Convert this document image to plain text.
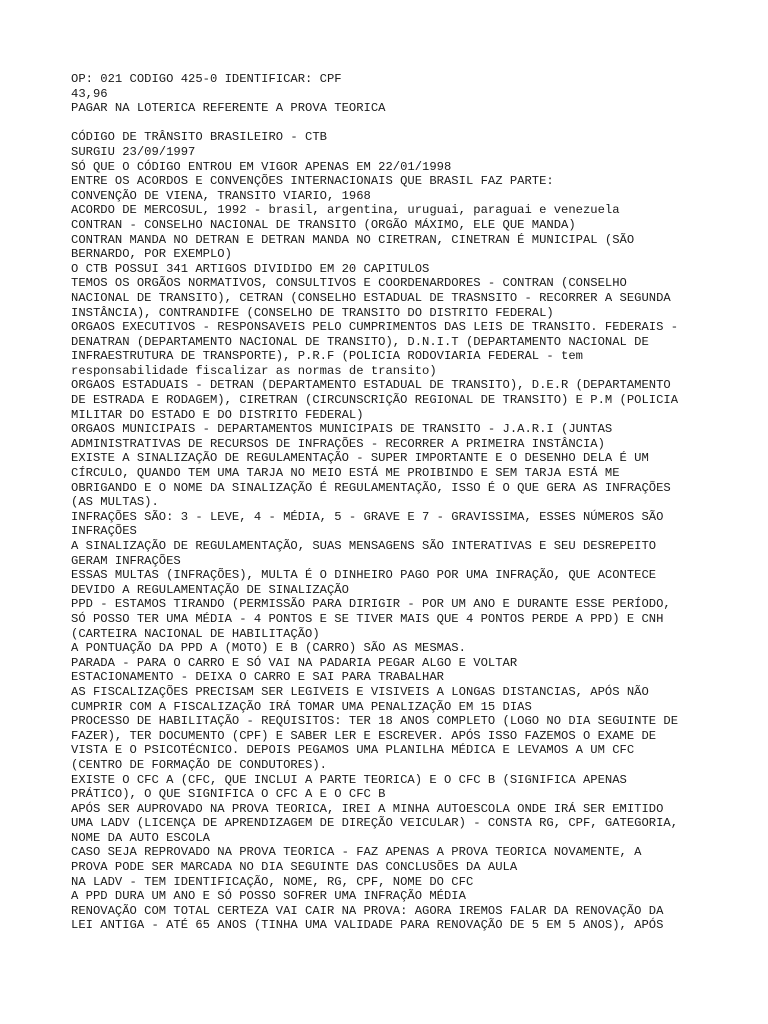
OP: 021 CODIGO 425-0 IDENTIFICAR: CPF
43,96
PAGAR NA LOTERICA REFERENTE A PROVA TEORICA
CÓDIGO DE TRÂNSITO BRASILEIRO - CTB
SURGIU 23/09/1997
SÓ QUE O CÓDIGO ENTROU EM VIGOR APENAS EM 22/01/1998
ENTRE OS ACORDOS E CONVENÇÕES INTERNACIONAIS QUE BRASIL FAZ PARTE:
CONVENÇÃO DE VIENA, TRANSITO VIARIO, 1968
ACORDO DE MERCOSUL, 1992 - brasil, argentina, uruguai, paraguai e venezuela
CONTRAN - CONSELHO NACIONAL DE TRANSITO (ORGÃO MÁXIMO, ELE QUE MANDA)
CONTRAN MANDA NO DETRAN E DETRAN MANDA NO CIRETRAN, CINETRAN É MUNICIPAL (SÃO
BERNARDO, POR EXEMPLO)
O CTB POSSUI 341 ARTIGOS DIVIDIDO EM 20 CAPITULOS
TEMOS OS ORGÃOS NORMATIVOS, CONSULTIVOS E COORDENARDORES - CONTRAN (CONSELHO
NACIONAL DE TRANSITO), CETRAN (CONSELHO ESTADUAL DE TRASNSITO - RECORRER A SEGUNDA
INSTÂNCIA), CONTRANDIFE (CONSELHO DE TRANSITO DO DISTRITO FEDERAL)
ORGAOS EXECUTIVOS - RESPONSAVEIS PELO CUMPRIMENTOS DAS LEIS DE TRANSITO. FEDERAIS -
DENATRAN (DEPARTAMENTO NACIONAL DE TRANSITO), D.N.I.T (DEPARTAMENTO NACIONAL DE
INFRAESTRUTURA DE TRANSPORTE), P.R.F (POLICIA RODOVIARIA FEDERAL - tem
responsabilidade fiscalizar as normas de transito)
ORGAOS ESTADUAIS - DETRAN (DEPARTAMENTO ESTADUAL DE TRANSITO), D.E.R (DEPARTAMENTO
DE ESTRADA E RODAGEM), CIRETRAN (CIRCUNSCRIÇÃO REGIONAL DE TRANSITO) E P.M (POLICIA
MILITAR DO ESTADO E DO DISTRITO FEDERAL)
ORGAOS MUNICIPAIS - DEPARTAMENTOS MUNICIPAIS DE TRANSITO - J.A.R.I (JUNTAS
ADMINISTRATIVAS DE RECURSOS DE INFRAÇÕES - RECORRER A PRIMEIRA INSTÂNCIA)
EXISTE A SINALIZAÇÃO DE REGULAMENTAÇÃO - SUPER IMPORTANTE E O DESENHO DELA É UM
CÍRCULO, QUANDO TEM UMA TARJA NO MEIO ESTÁ ME PROIBINDO E SEM TARJA ESTÁ ME
OBRIGANDO E O NOME DA SINALIZAÇÃO É REGULAMENTAÇÃO, ISSO É O QUE GERA AS INFRAÇÕES
(AS MULTAS).
INFRAÇÕES SÃO: 3 - LEVE, 4 - MÉDIA, 5 - GRAVE E 7 - GRAVISSIMA, ESSES NÚMEROS SÃO
INFRAÇÕES
A SINALIZAÇÃO DE REGULAMENTAÇÃO, SUAS MENSAGENS SÃO INTERATIVAS E SEU DESREPEITO
GERAM INFRAÇÕES
ESSAS MULTAS (INFRAÇÕES), MULTA É O DINHEIRO PAGO POR UMA INFRAÇÃO, QUE ACONTECE
DEVIDO A REGULAMENTAÇÃO DE SINALIZAÇÃO
PPD - ESTAMOS TIRANDO (PERMISSÃO PARA DIRIGIR - POR UM ANO E DURANTE ESSE PERÍODO,
SÓ POSSO TER UMA MÉDIA - 4 PONTOS E SE TIVER MAIS QUE 4 PONTOS PERDE A PPD) E CNH
(CARTEIRA NACIONAL DE HABILITAÇÃO)
A PONTUAÇÃO DA PPD A (MOTO) E B (CARRO) SÃO AS MESMAS.
PARADA - PARA O CARRO E SÓ VAI NA PADARIA PEGAR ALGO E VOLTAR
ESTACIONAMENTO - DEIXA O CARRO E SAI PARA TRABALHAR
AS FISCALIZAÇÕES PRECISAM SER LEGIVEIS E VISIVEIS A LONGAS DISTANCIAS, APÓS NÃO
CUMPRIR COM A FISCALIZAÇÃO IRÁ TOMAR UMA PENALIZAÇÃO EM 15 DIAS
PROCESSO DE HABILITAÇÃO - REQUISITOS: TER 18 ANOS COMPLETO (LOGO NO DIA SEGUINTE DE
FAZER), TER DOCUMENTO (CPF) E SABER LER E ESCREVER. APÓS ISSO FAZEMOS O EXAME DE
VISTA E O PSICOTÉCNICO. DEPOIS PEGAMOS UMA PLANILHA MÉDICA E LEVAMOS A UM CFC
(CENTRO DE FORMAÇÃO DE CONDUTORES).
EXISTE O CFC A (CFC, QUE INCLUI A PARTE TEORICA) E O CFC B (SIGNIFICA APENAS
PRÁTICO), O QUE SIGNIFICA O CFC A E O CFC B
APÓS SER AUPROVADO NA PROVA TEORICA, IREI A MINHA AUTOESCOLA ONDE IRÁ SER EMITIDO
UMA LADV (LICENÇA DE APRENDIZAGEM DE DIREÇÃO VEICULAR) - CONSTA RG, CPF, GATEGORIA,
NOME DA AUTO ESCOLA
CASO SEJA REPROVADO NA PROVA TEORICA - FAZ APENAS A PROVA TEORICA NOVAMENTE, A
PROVA PODE SER MARCADA NO DIA SEGUINTE DAS CONCLUSÕES DA AULA
NA LADV - TEM IDENTIFICAÇÃO, NOME, RG, CPF, NOME DO CFC
A PPD DURA UM ANO E SÓ POSSO SOFRER UMA INFRAÇÃO MÉDIA
RENOVAÇÃO COM TOTAL CERTEZA VAI CAIR NA PROVA: AGORA IREMOS FALAR DA RENOVAÇÃO DA
LEI ANTIGA - ATÉ 65 ANOS (TINHA UMA VALIDADE PARA RENOVAÇÃO DE 5 EM 5 ANOS), APÓS
